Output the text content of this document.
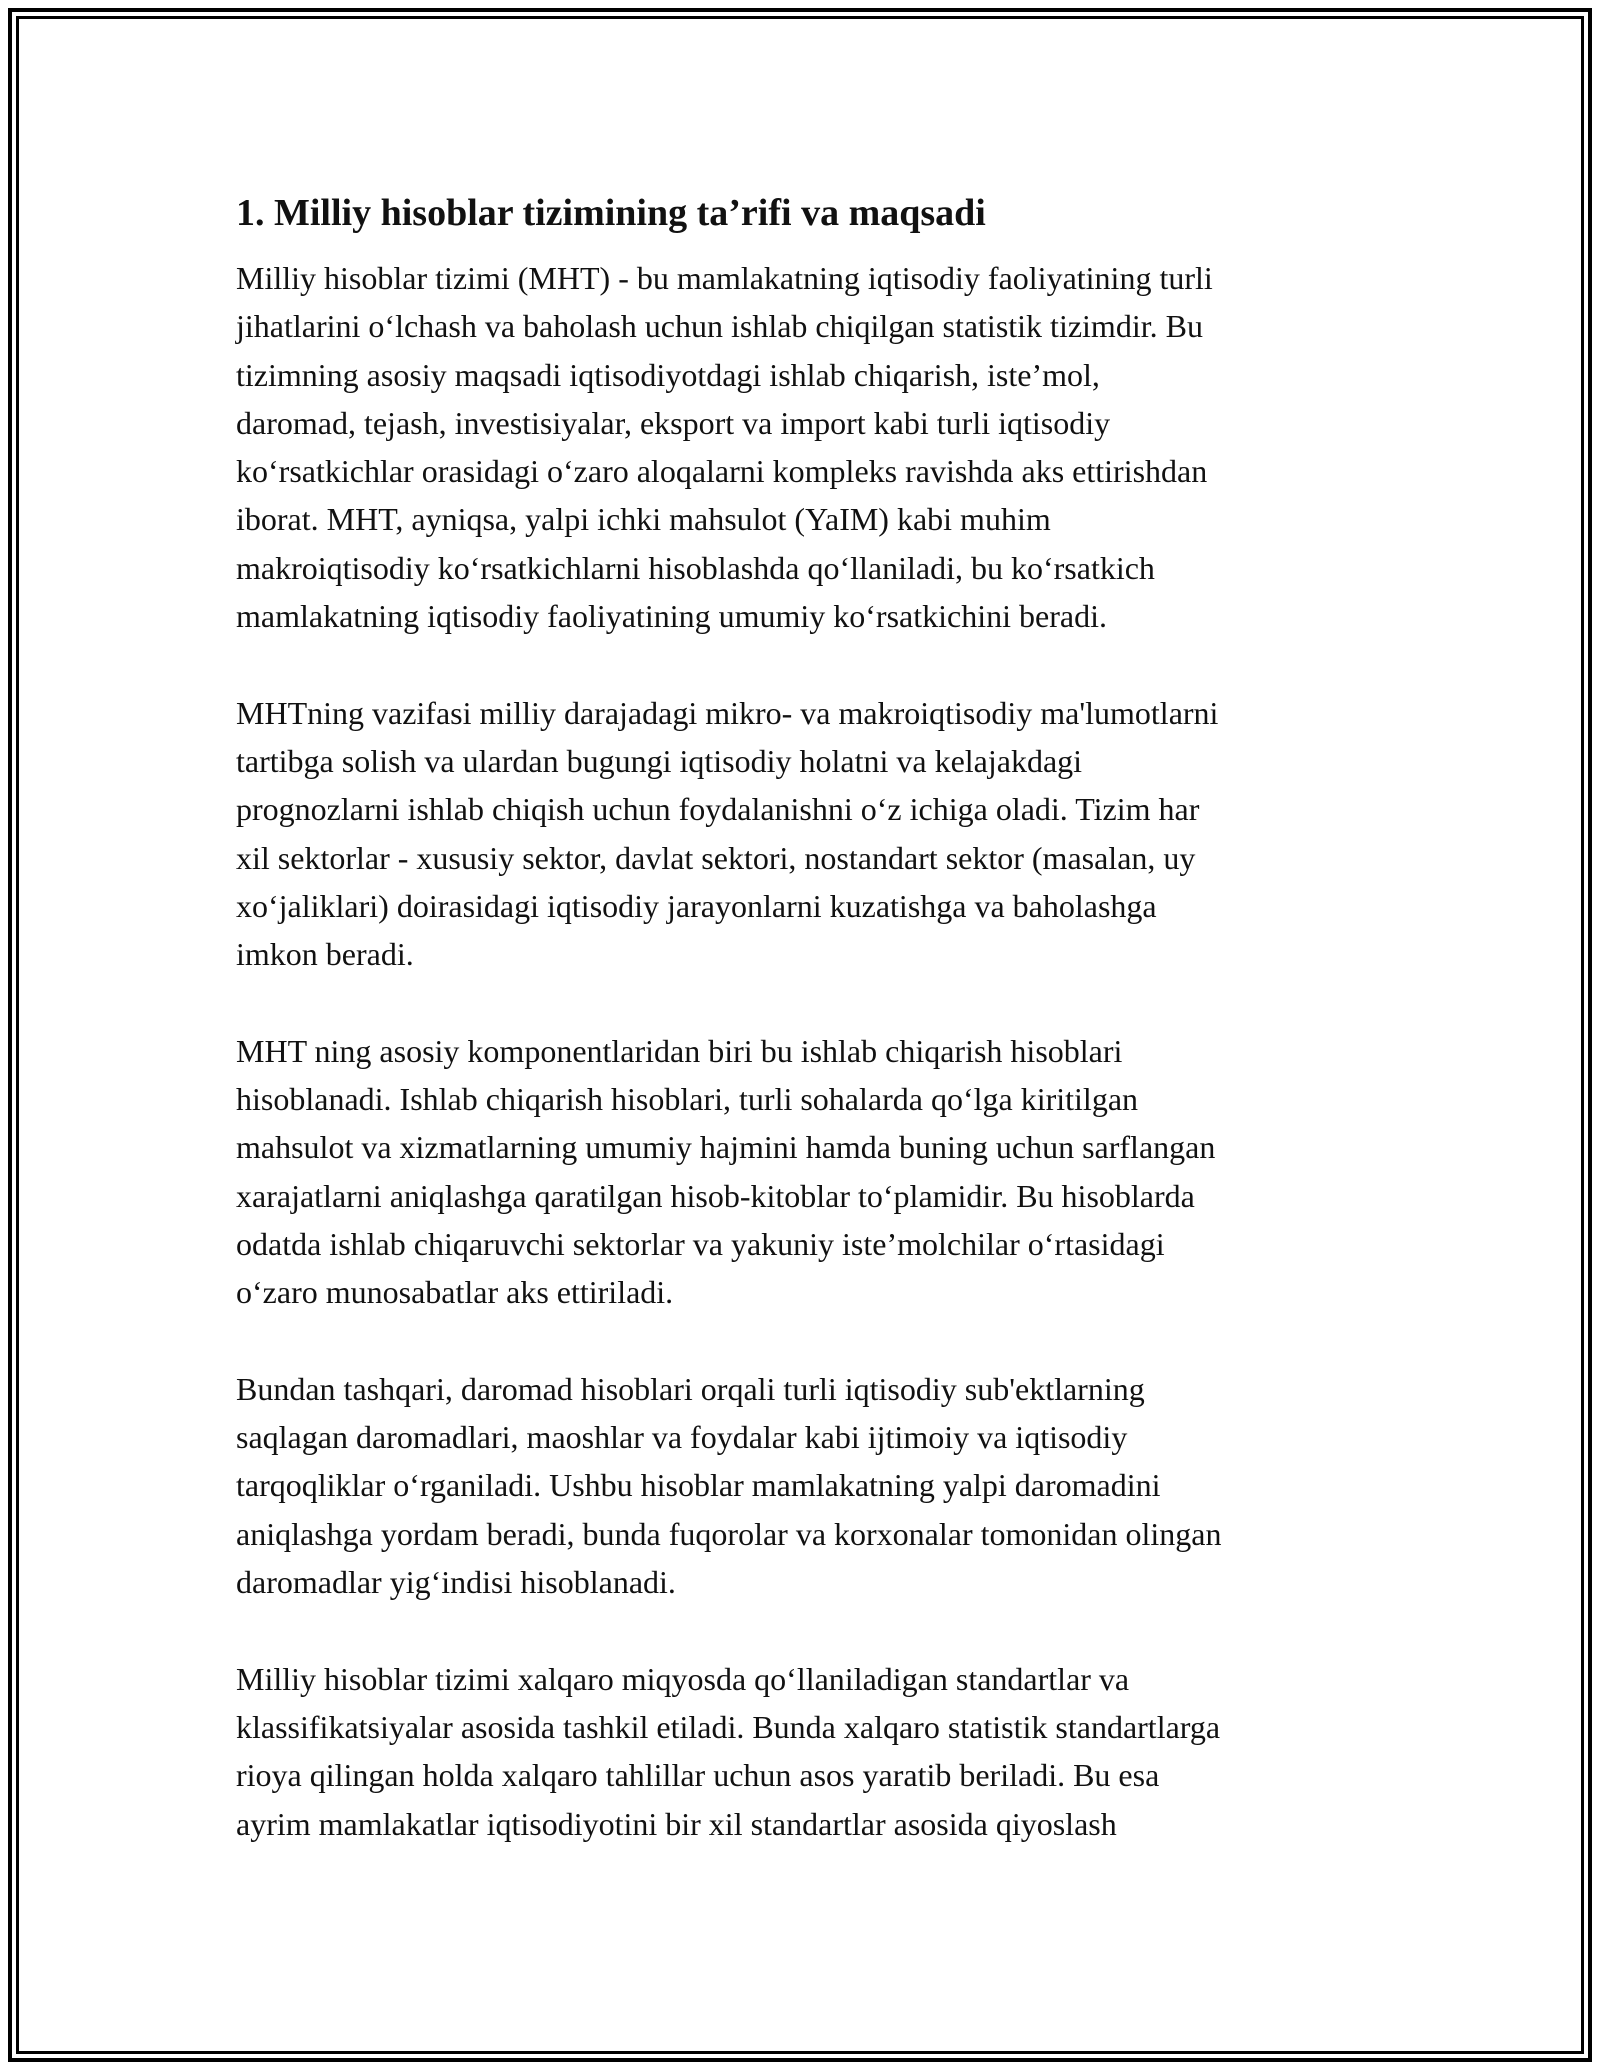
1. Milliy hisoblar tizimining ta’rifi va maqsadi

Milliy hisoblar tizimi (MHT) - bu mamlakatning iqtisodiy faoliyatining turli
jihatlarini o‘lchash va baholash uchun ishlab chiqilgan statistik tizimdir. Bu
tizimning asosiy maqsadi iqtisodiyotdagi ishlab chiqarish, iste’mol,
daromad, tejash, investisiyalar, eksport va import kabi turli iqtisodiy
ko‘rsatkichlar orasidagi o‘zaro aloqalarni kompleks ravishda aks ettirishdan
iborat. MHT, ayniqsa, yalpi ichki mahsulot (YaIM) kabi muhim
makroiqtisodiy ko‘rsatkichlarni hisoblashda qo‘llaniladi, bu ko‘rsatkich
mamlakatning iqtisodiy faoliyatining umumiy ko‘rsatkichini beradi.

MHTning vazifasi milliy darajadagi mikro- va makroiqtisodiy ma'lumotlarni
tartibga solish va ulardan bugungi iqtisodiy holatni va kelajakdagi
prognozlarni ishlab chiqish uchun foydalanishni o‘z ichiga oladi. Tizim har
xil sektorlar - xususiy sektor, davlat sektori, nostandart sektor (masalan, uy
xo‘jaliklari) doirasidagi iqtisodiy jarayonlarni kuzatishga va baholashga
imkon beradi.

MHT ning asosiy komponentlaridan biri bu ishlab chiqarish hisoblari
hisoblanadi. Ishlab chiqarish hisoblari, turli sohalarda qo‘lga kiritilgan
mahsulot va xizmatlarning umumiy hajmini hamda buning uchun sarflangan
xarajatlarni aniqlashga qaratilgan hisob-kitoblar to‘plamidir. Bu hisoblarda
odatda ishlab chiqaruvchi sektorlar va yakuniy iste’molchilar o‘rtasidagi
o‘zaro munosabatlar aks ettiriladi.

Bundan tashqari, daromad hisoblari orqali turli iqtisodiy sub'ektlarning
saqlagan daromadlari, maoshlar va foydalar kabi ijtimoiy va iqtisodiy
tarqoqliklar o‘rganiladi. Ushbu hisoblar mamlakatning yalpi daromadini
aniqlashga yordam beradi, bunda fuqorolar va korxonalar tomonidan olingan
daromadlar yig‘indisi hisoblanadi.

Milliy hisoblar tizimi xalqaro miqyosda qo‘llaniladigan standartlar va
klassifikatsiyalar asosida tashkil etiladi. Bunda xalqaro statistik standartlarga
rioya qilingan holda xalqaro tahlillar uchun asos yaratib beriladi. Bu esa
ayrim mamlakatlar iqtisodiyotini bir xil standartlar asosida qiyoslash
